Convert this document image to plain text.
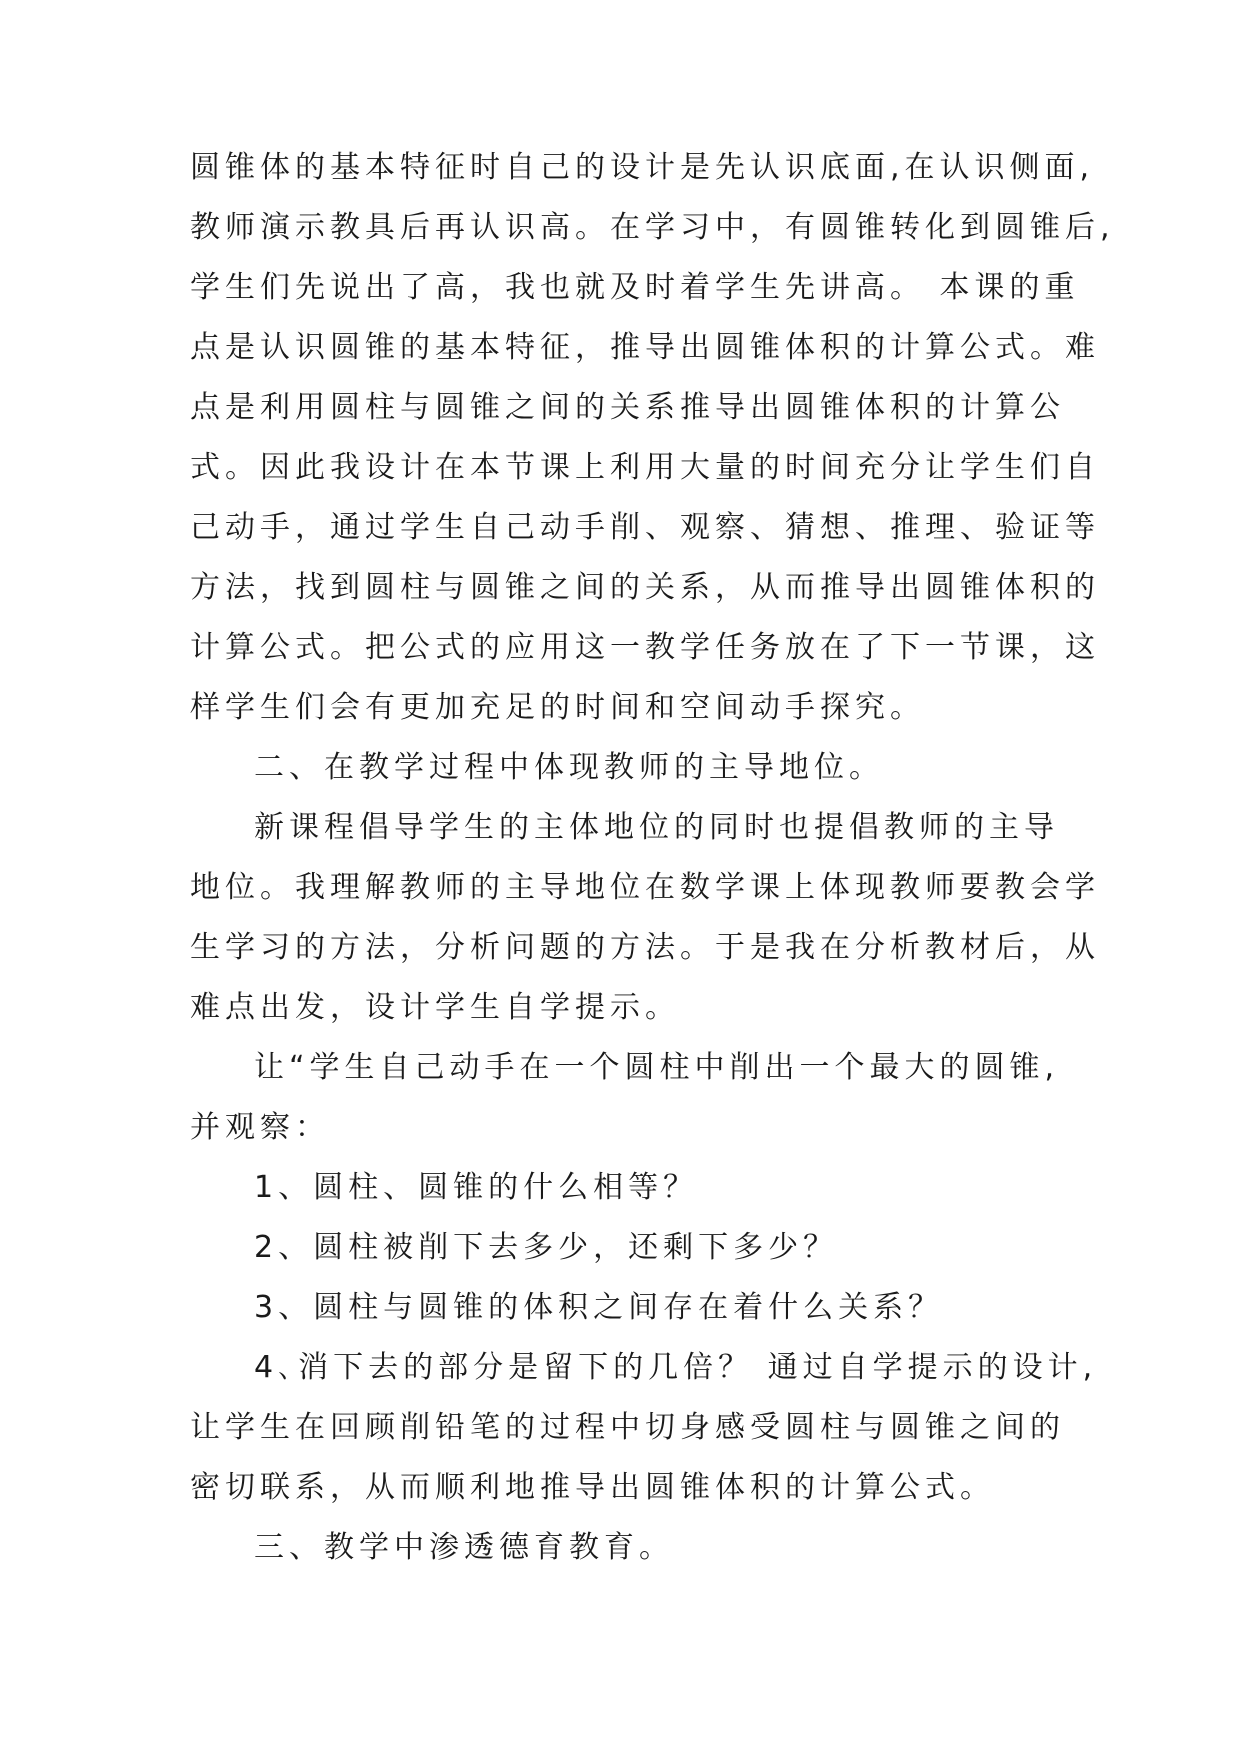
圆锥体的基本特征时自己的设计是先认识底面,在认识侧面,
教师演示教具后再认识高。在学习中，有圆锥转化到圆锥后,
学生们先说出了高，我也就及时着学生先讲高。 本课的重
点是认识圆锥的基本特征，推导出圆锥体积的计算公式。难
点是利用圆柱与圆锥之间的关系推导出圆锥体积的计算公
式。因此我设计在本节课上利用大量的时间充分让学生们自
己动手，通过学生自己动手削、观察、猜想、推理、验证等
方法，找到圆柱与圆锥之间的关系，从而推导出圆锥体积的
计算公式。把公式的应用这一教学任务放在了下一节课，这
样学生们会有更加充足的时间和空间动手探究。
二、在教学过程中体现教师的主导地位。
新课程倡导学生的主体地位的同时也提倡教师的主导
地位。我理解教师的主导地位在数学课上体现教师要教会学
生学习的方法，分析问题的方法。于是我在分析教材后，从
难点出发，设计学生自学提示。
让“学生自己动手在一个圆柱中削出一个最大的圆锥,
并观察：
1、圆柱、圆锥的什么相等？
2、圆柱被削下去多少，还剩下多少？
3、圆柱与圆锥的体积之间存在着什么关系？
4､消下去的部分是留下的几倍？ 通过自学提示的设计,
让学生在回顾削铅笔的过程中切身感受圆柱与圆锥之间的
密切联系，从而顺利地推导出圆锥体积的计算公式。
三、教学中渗透德育教育。
